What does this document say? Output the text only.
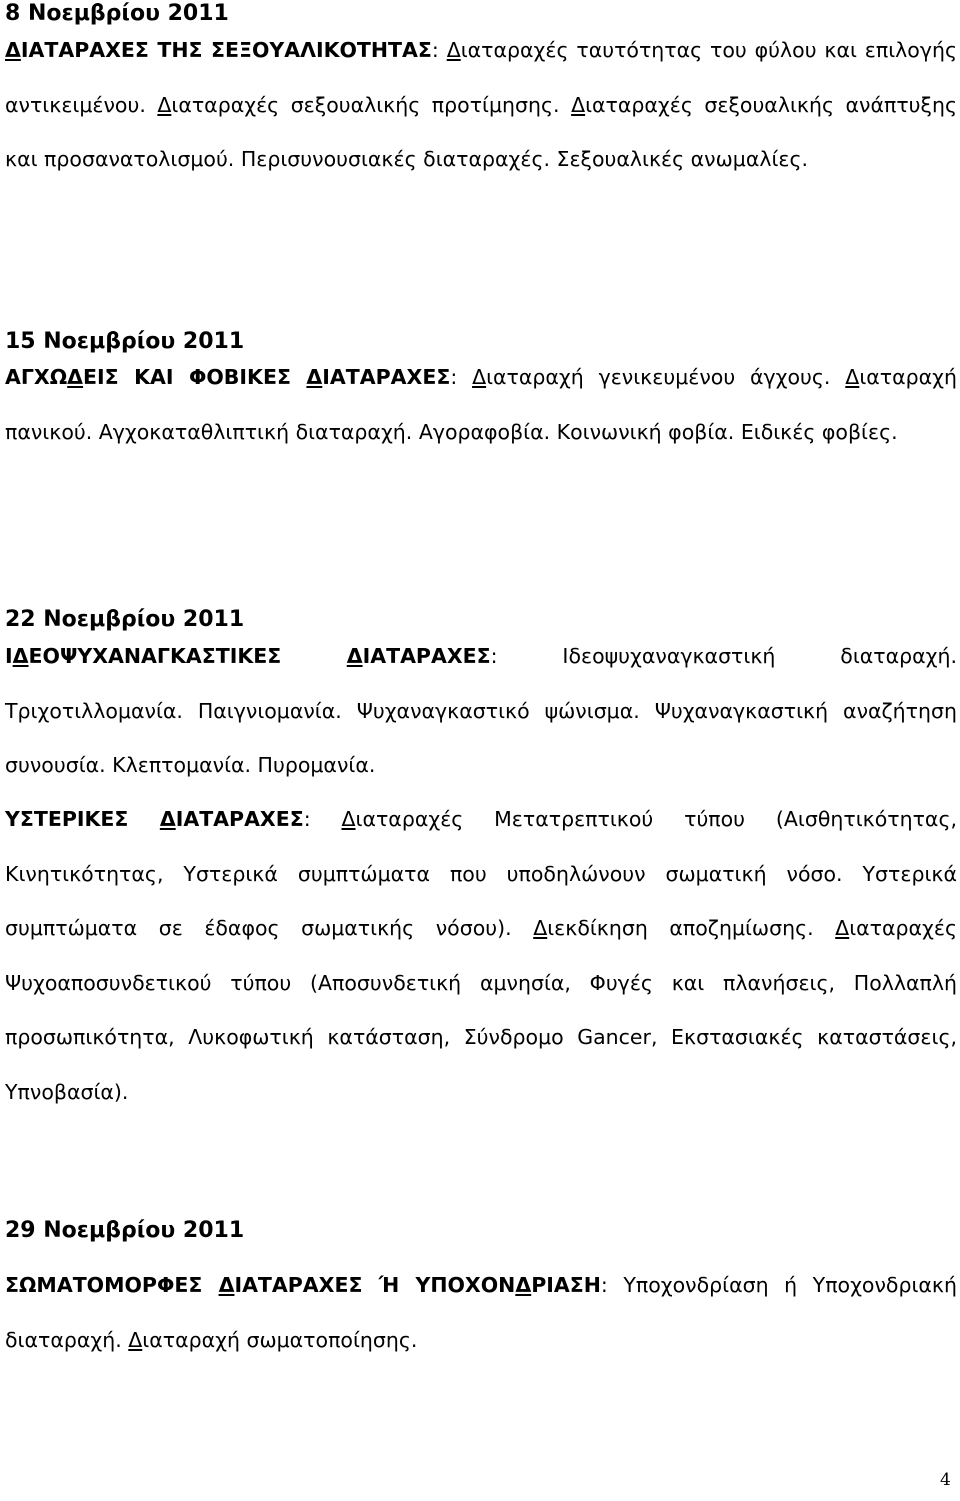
8 Νοεμβρίου 2011

ΔΙΑΤΑΡΑΧΕΣ ΤΗΣ ΣΕΞΟΥΑΛΙΚΟΤΗΤΑΣ: Διαταραχές ταυτότητας του φύλου και επιλογής αντικειμένου. Διαταραχές σεξουαλικής προτίμησης. Διαταραχές σεξουαλικής ανάπτυξης και προσανατολισμού. Περισυνουσιακές διαταραχές. Σεξουαλικές ανωμαλίες.

15 Νοεμβρίου 2011

ΑΓΧΩΔΕΙΣ ΚΑΙ ΦΟΒΙΚΕΣ ΔΙΑΤΑΡΑΧΕΣ: Διαταραχή γενικευμένου άγχους. Διαταραχή πανικού. Αγχοκαταθλιπτική διαταραχή. Αγοραφοβία. Κοινωνική φοβία. Ειδικές φοβίες.

22 Νοεμβρίου 2011

ΙΔΕΟΨΥΧΑΝΑΓΚΑΣΤΙΚΕΣ ΔΙΑΤΑΡΑΧΕΣ: Ιδεοψυχαναγκαστική διαταραχή. Τριχοτιλλομανία. Παιγνιομανία. Ψυχαναγκαστικό ψώνισμα. Ψυχαναγκαστική αναζήτηση συνουσία. Κλεπτομανία. Πυρομανία.

ΥΣΤΕΡΙΚΕΣ ΔΙΑΤΑΡΑΧΕΣ: Διαταραχές Μετατρεπτικού τύπου (Αισθητικότητας, Κινητικότητας, Υστερικά συμπτώματα που υποδηλώνουν σωματική νόσο. Υστερικά συμπτώματα σε έδαφος σωματικής νόσου). Διεκδίκηση αποζημίωσης. Διαταραχές Ψυχοαποσυνδετικού τύπου (Αποσυνδετική αμνησία, Φυγές και πλανήσεις, Πολλαπλή προσωπικότητα, Λυκοφωτική κατάσταση, Σύνδρομο Gancer, Εκστασιακές καταστάσεις, Υπνοβασία).

29 Νοεμβρίου 2011

ΣΩΜΑΤΟΜΟΡΦΕΣ ΔΙΑΤΑΡΑΧΕΣ Ή ΥΠΟΧΟΝΔΡΙΑΣΗ: Υποχονδρίαση ή Υποχονδριακή διαταραχή. Διαταραχή σωματοποίησης.

4
